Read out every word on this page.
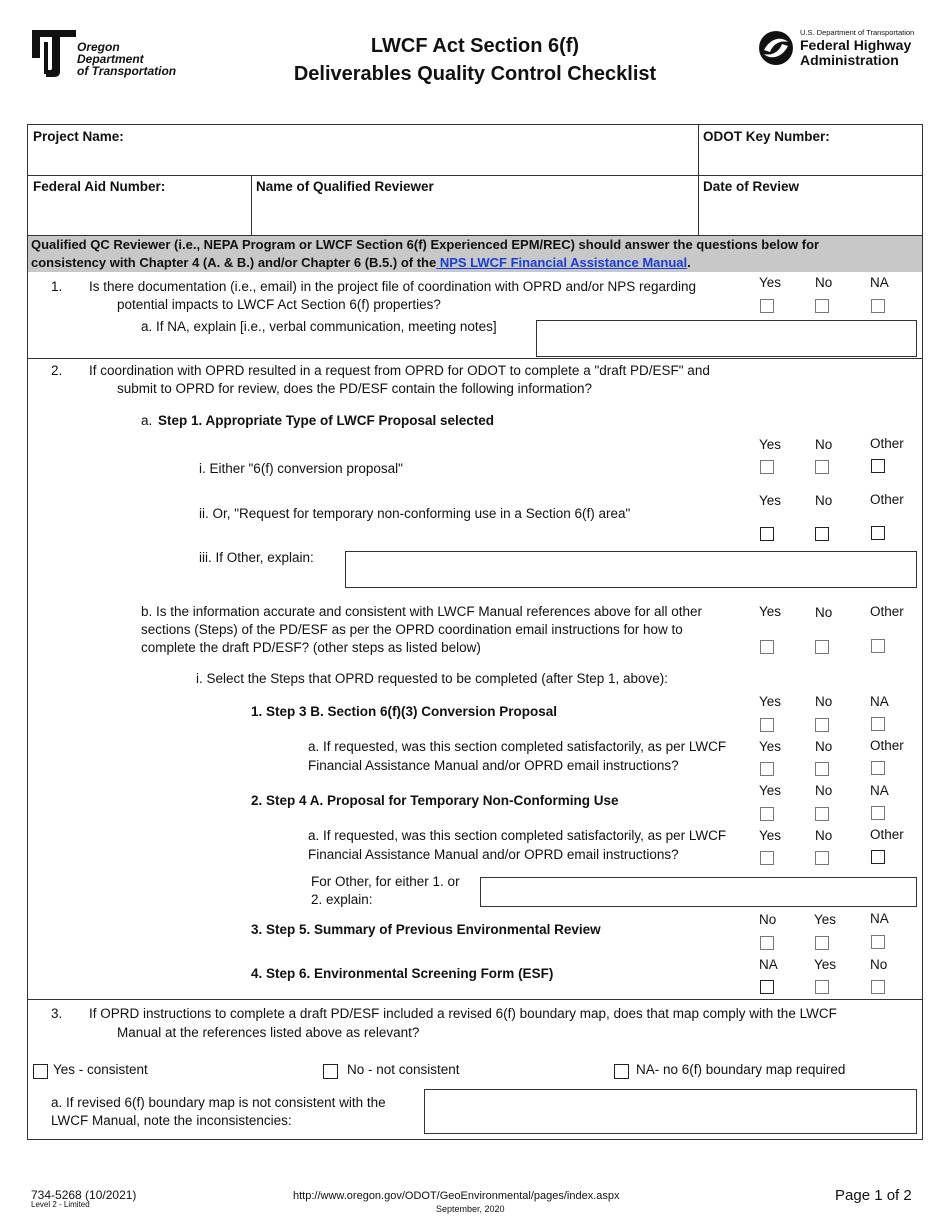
Oregon
Department
of Transportation
LWCF Act Section 6(f)
Deliverables Quality Control Checklist
U.S. Department of Transportation
Federal Highway
Administration
Project Name:	ODOT Key Number:
Federal Aid Number:	Name of Qualified Reviewer	Date of Review
Qualified QC Reviewer (i.e., NEPA Program or LWCF Section 6(f) Experienced EPM/REC) should answer the questions below for
consistency with Chapter 4 (A. & B.) and/or Chapter 6 (B.5.) of the NPS LWCF Financial Assistance Manual.
1. Is there documentation (i.e., email) in the project file of coordination with OPRD and/or NPS regarding
potential impacts to LWCF Act Section 6(f) properties?
a. If NA, explain [i.e., verbal communication, meeting notes]
Yes	No	NA
2. If coordination with OPRD resulted in a request from OPRD for ODOT to complete a "draft PD/ESF" and
submit to OPRD for review, does the PD/ESF contain the following information?
a. Step 1. Appropriate Type of LWCF Proposal selected
Yes	No	Other
i. Either "6(f) conversion proposal"
Yes	No	Other
ii. Or, "Request for temporary non-conforming use in a Section 6(f) area"
iii. If Other, explain:
b. Is the information accurate and consistent with LWCF Manual references above for all other
sections (Steps) of the PD/ESF as per the OPRD coordination email instructions for how to
complete the draft PD/ESF? (other steps as listed below)
Yes	No	Other
i. Select the Steps that OPRD requested to be completed (after Step 1, above):
Yes	No	NA
1. Step 3 B. Section 6(f)(3) Conversion Proposal
a. If requested, was this section completed satisfactorily, as per LWCF
Financial Assistance Manual and/or OPRD email instructions?
Yes	No	Other
Yes	No	NA
2. Step 4 A. Proposal for Temporary Non-Conforming Use
a. If requested, was this section completed satisfactorily, as per LWCF
Financial Assistance Manual and/or OPRD email instructions?
Yes	No	Other
For Other, for either 1. or
2. explain:
No	Yes	NA
3. Step 5. Summary of Previous Environmental Review
NA	Yes	No
4. Step 6. Environmental Screening Form (ESF)
3. If OPRD instructions to complete a draft PD/ESF included a revised 6(f) boundary map, does that map comply with the LWCF
Manual at the references listed above as relevant?
Yes - consistent	No - not consistent	NA- no 6(f) boundary map required
a. If revised 6(f) boundary map is not consistent with the
LWCF Manual, note the inconsistencies:
734-5268 (10/2021)
Level 2 - Limited
http://www.oregon.gov/ODOT/GeoEnvironmental/pages/index.aspx
September, 2020
Page 1 of 2
